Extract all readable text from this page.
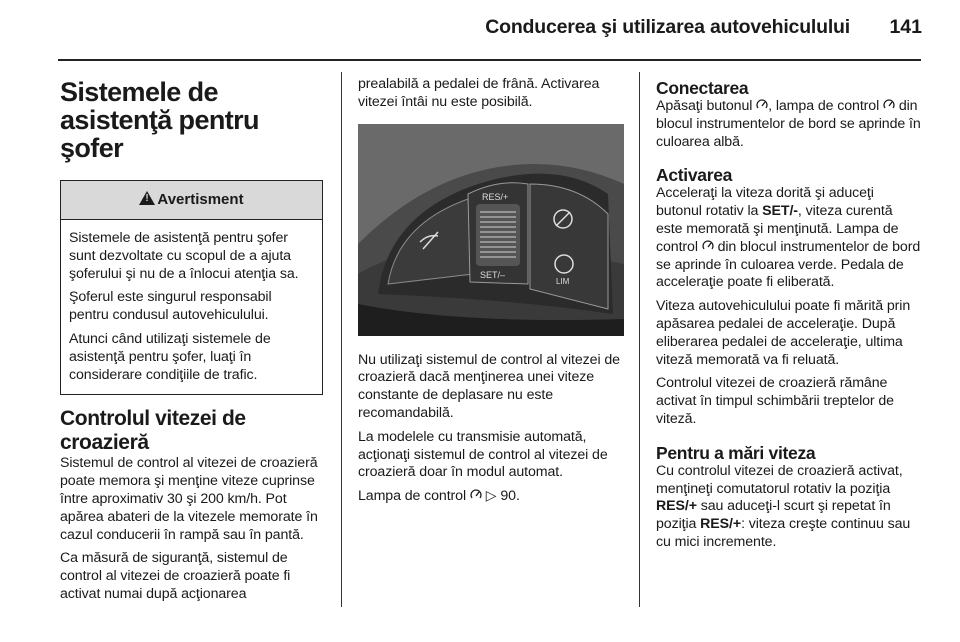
Conducerea şi utilizarea autovehiculului	141
Sistemele de asistenţă pentru şofer
!Avertisment

Sistemele de asistenţă pentru şofer sunt dezvoltate cu scopul de a ajuta şoferului şi nu de a înlocui atenţia sa.

Şoferul este singurul responsabil pentru condusul autovehiculului.

Atunci când utilizaţi sistemele de asistenţă pentru şofer, luaţi în considerare condiţiile de trafic.

Controlul vitezei de croazieră

Sistemul de control al vitezei de croazieră poate memora şi menţine viteze cuprinse între aproximativ 30 şi 200 km/h. Pot apărea abateri de la vitezele memorate în cazul conducerii în rampă sau în pantă.

Ca măsură de siguranţă, sistemul de control al vitezei de croazieră poate fi activat numai după acţionarea

prealabilă a pedalei de frână. Activarea vitezei întâi nu este posibilă.

RES/+
SET/–
LIM

Nu utilizaţi sistemul de control al vitezei de croazieră dacă menţinerea unei viteze constante de deplasare nu este recomandabilă.

La modelele cu transmisie automată, acţionaţi sistemul de control al vitezei de croazieră doar în modul automat.

Lampa de control ▷ 90.

Conectarea

Apăsaţi butonul , lampa de control din blocul instrumentelor de bord se aprinde în culoarea albă.

Activarea

Acceleraţi la viteza dorită şi aduceţi butonul rotativ la SET/-, viteza curentă este memorată şi menţinută. Lampa de control din blocul instrumentelor de bord se aprinde în culoarea verde. Pedala de acceleraţie poate fi eliberată.

Viteza autovehiculului poate fi mărită prin apăsarea pedalei de acceleraţie. După eliberarea pedalei de acceleraţie, ultima viteză memorată va fi reluată.

Controlul vitezei de croazieră rămâne activat în timpul schimbării treptelor de viteză.

Pentru a mări viteza

Cu controlul vitezei de croazieră activat, menţineţi comutatorul rotativ la poziţia RES/+ sau aduceţi-l scurt şi repetat în poziţia RES/+: viteza creşte continuu sau cu mici incremente.
